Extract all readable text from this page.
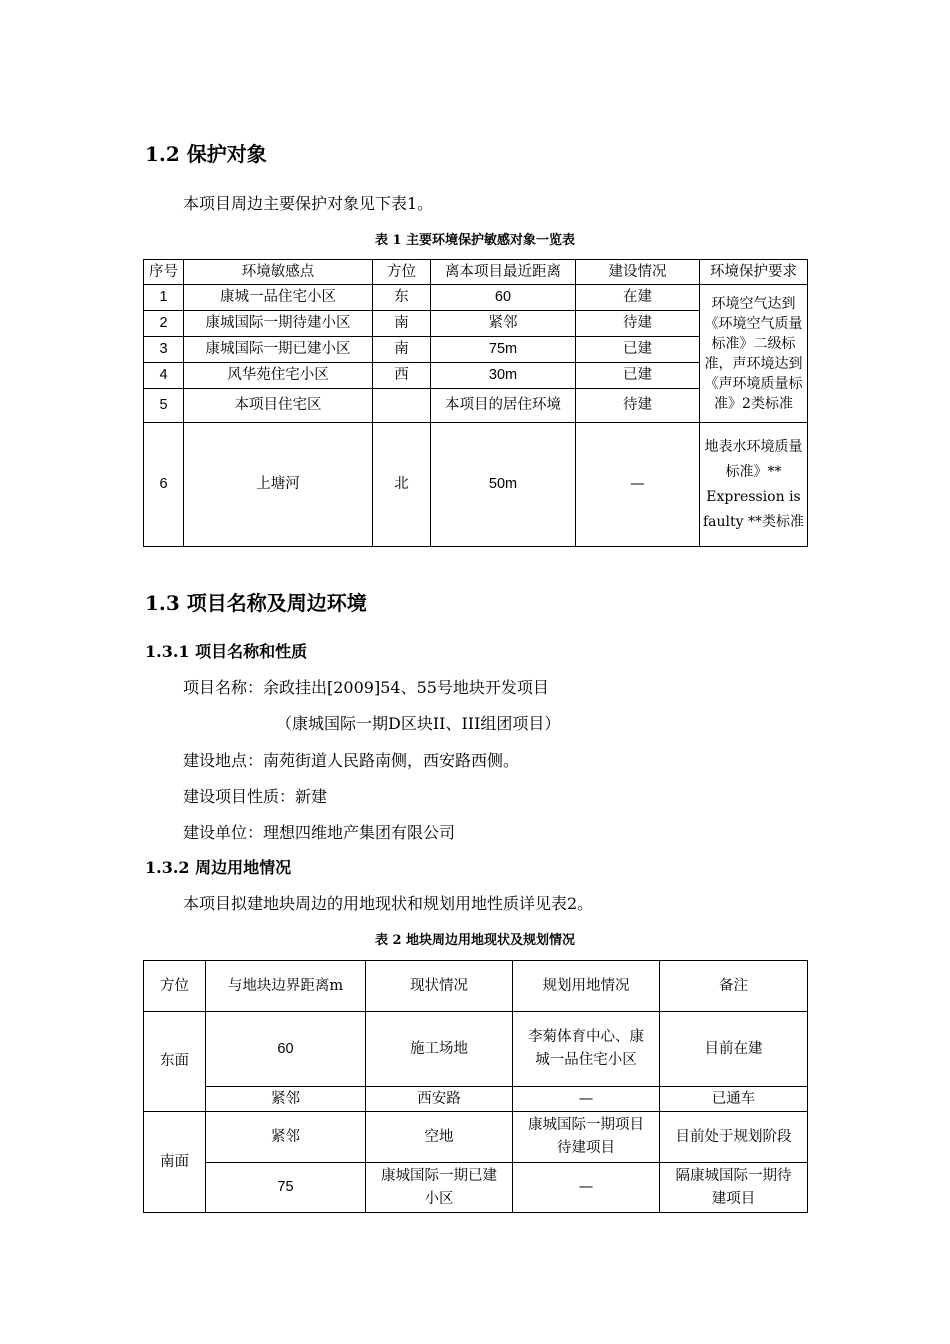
1.2 保护对象
本项目周边主要保护对象见下表1。
表 1 主要环境保护敏感对象一览表
序号	环境敏感点	方位	离本项目最近距离	建设情况	环境保护要求
1	康城一品住宅小区	东	60	在建	环境空气达到《环境空气质量标准》二级标准，声环境达到《声环境质量标准》2类标准
2	康城国际一期待建小区	南	紧邻	待建	
3	康城国际一期已建小区	南	75m	已建	
4	风华苑住宅小区	西	30m	已建	
5	本项目住宅区		本项目的居住环境	待建	
6	上塘河	北	50m	—	地表水环境质量标准》** Expression is faulty **类标准
1.3 项目名称及周边环境
1.3.1 项目名称和性质
项目名称：余政挂出[2009]54、55号地块开发项目
（康城国际一期D区块II、III组团项目）
建设地点：南苑街道人民路南侧，西安路西侧。
建设项目性质：新建
建设单位：理想四维地产集团有限公司
1.3.2 周边用地情况
本项目拟建地块周边的用地现状和规划用地性质详见表2。
表 2 地块周边用地现状及规划情况
方位	与地块边界距离m	现状情况	规划用地情况	备注
东面	60	施工场地	李菊体育中心、康城一品住宅小区	目前在建
	紧邻	西安路	—	已通车
南面	紧邻	空地	康城国际一期项目待建项目	目前处于规划阶段
	75	康城国际一期已建小区	—	隔康城国际一期待建项目
